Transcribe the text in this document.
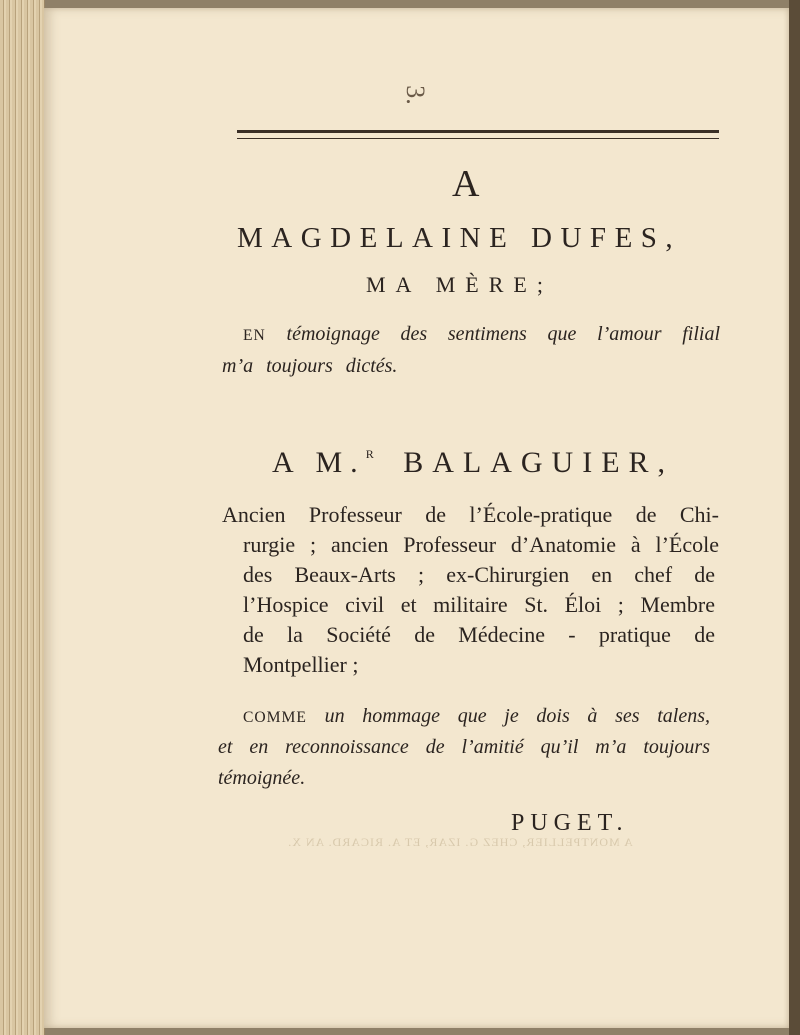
3.
A
MAGDELAINE DUFES,
MA MÈRE;
EN témoignage des sentimens que l’amour filial
m’a toujours dictés.
A M.$^R$ BALAGUIER,
Ancien Professeur de l’École-pratique de Chi-
rurgie ; ancien Professeur d’Anatomie à l’École
des Beaux-Arts ; ex-Chirurgien en chef de
l’Hospice civil et militaire St. Éloi ; Membre
de la Société de Médecine - pratique de
Montpellier ;
COMME un hommage que je dois à ses talens,
et en reconnoissance de l’amitié qu’il m’a toujours
témoignée.
PUGET.
A MONTPELLIER, CHEZ G. IZAR, ET A. RICARD. AN X.
